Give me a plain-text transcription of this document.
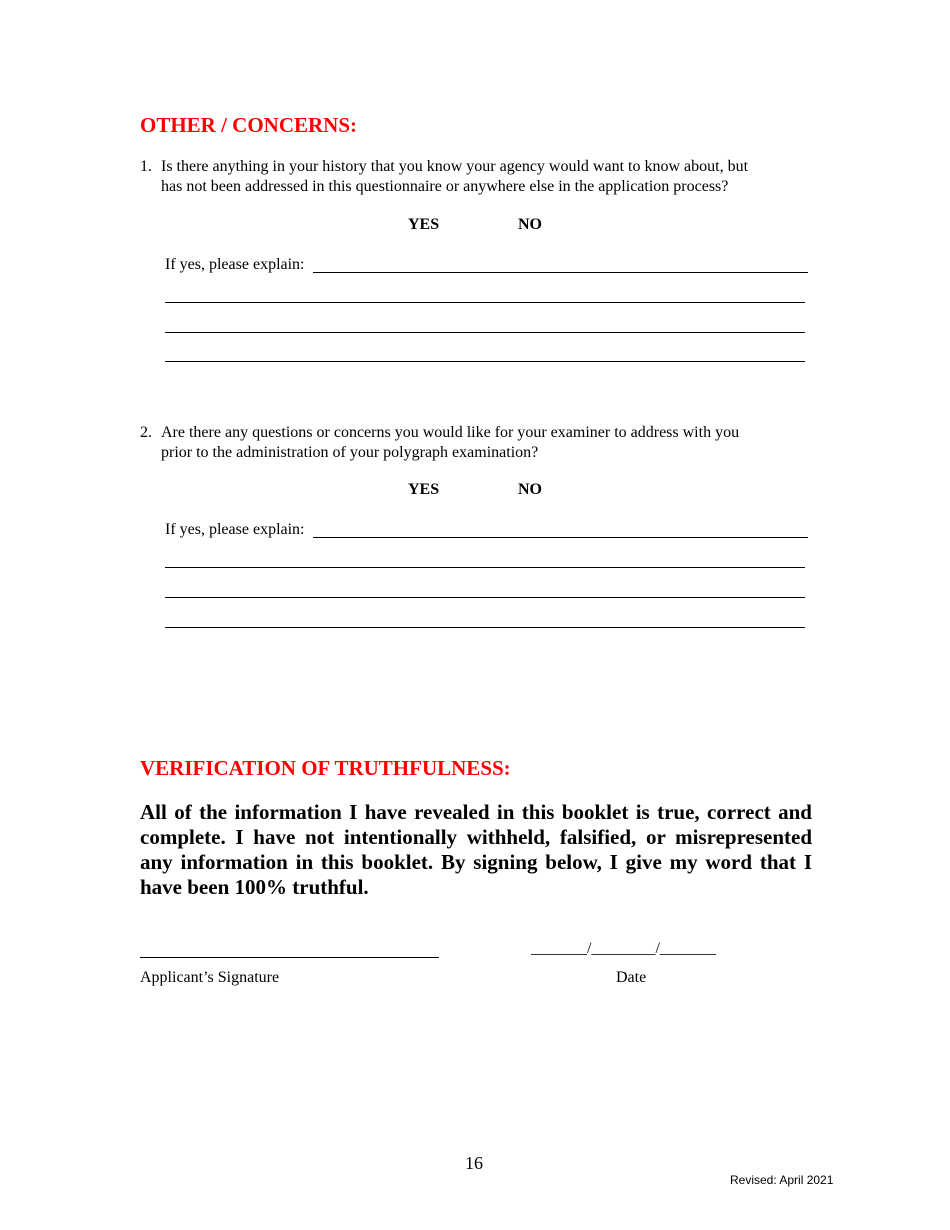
OTHER / CONCERNS:
1. Is there anything in your history that you know your agency would want to know about, but
has not been addressed in this questionnaire or anywhere else in the application process?
YES	NO
If yes, please explain:
2. Are there any questions or concerns you would like for your examiner to address with you
prior to the administration of your polygraph examination?
YES	NO
If yes, please explain:
VERIFICATION OF TRUTHFULNESS:
All of the information I have revealed in this booklet is true, correct and complete. I have not intentionally withheld, falsified, or misrepresented any information in this booklet. By signing below, I give my word that I have been 100% truthful.
_______/________/_______
Applicant’s Signature	Date
16
Revised: April 2021
